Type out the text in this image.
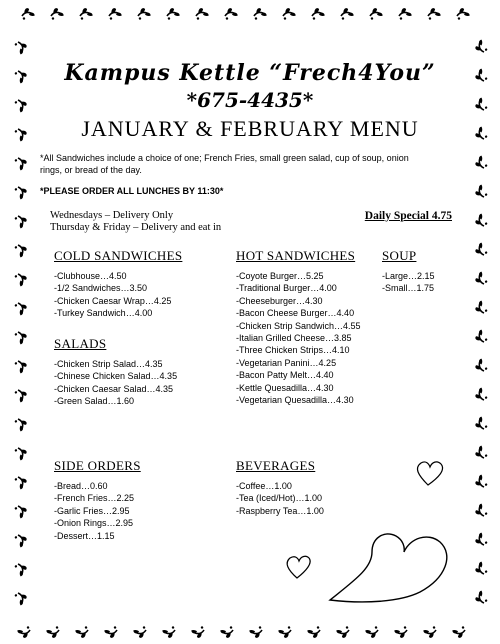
Kampus Kettle “Frech4You”
*675-4435*
JANUARY & FEBRUARY MENU
*All Sandwiches include a choice of one; French Fries, small green salad, cup of soup, onion rings, or bread of the day.
*PLEASE ORDER ALL LUNCHES BY 11:30*
Wednesdays – Delivery Only
Thursday & Friday – Delivery and eat in
Daily Special 4.75
COLD SANDWICHES
-Clubhouse…4.50
-1/2 Sandwiches…3.50
-Chicken Caesar Wrap…4.25
-Turkey Sandwich…4.00
SALADS
-Chicken Strip Salad…4.35
-Chinese Chicken Salad…4.35
-Chicken Caesar Salad…4.35
-Green Salad…1.60
HOT SANDWICHES
-Coyote Burger…5.25
-Traditional Burger…4.00
-Cheeseburger…4.30
-Bacon Cheese Burger…4.40
-Chicken Strip Sandwich…4.55
-Italian Grilled Cheese…3.85
-Three Chicken Strips…4.10
-Vegetarian Panini…4.25
-Bacon Patty Melt…4.40
-Kettle Quesadilla…4.30
-Vegetarian Quesadilla…4.30
SOUP
-Large…2.15
-Small…1.75
SIDE ORDERS
-Bread…0.60
-French Fries…2.25
-Garlic Fries…2.95
-Onion Rings…2.95
-Dessert…1.15
BEVERAGES
-Coffee…1.00
-Tea (Iced/Hot)…1.00
-Raspberry Tea…1.00
